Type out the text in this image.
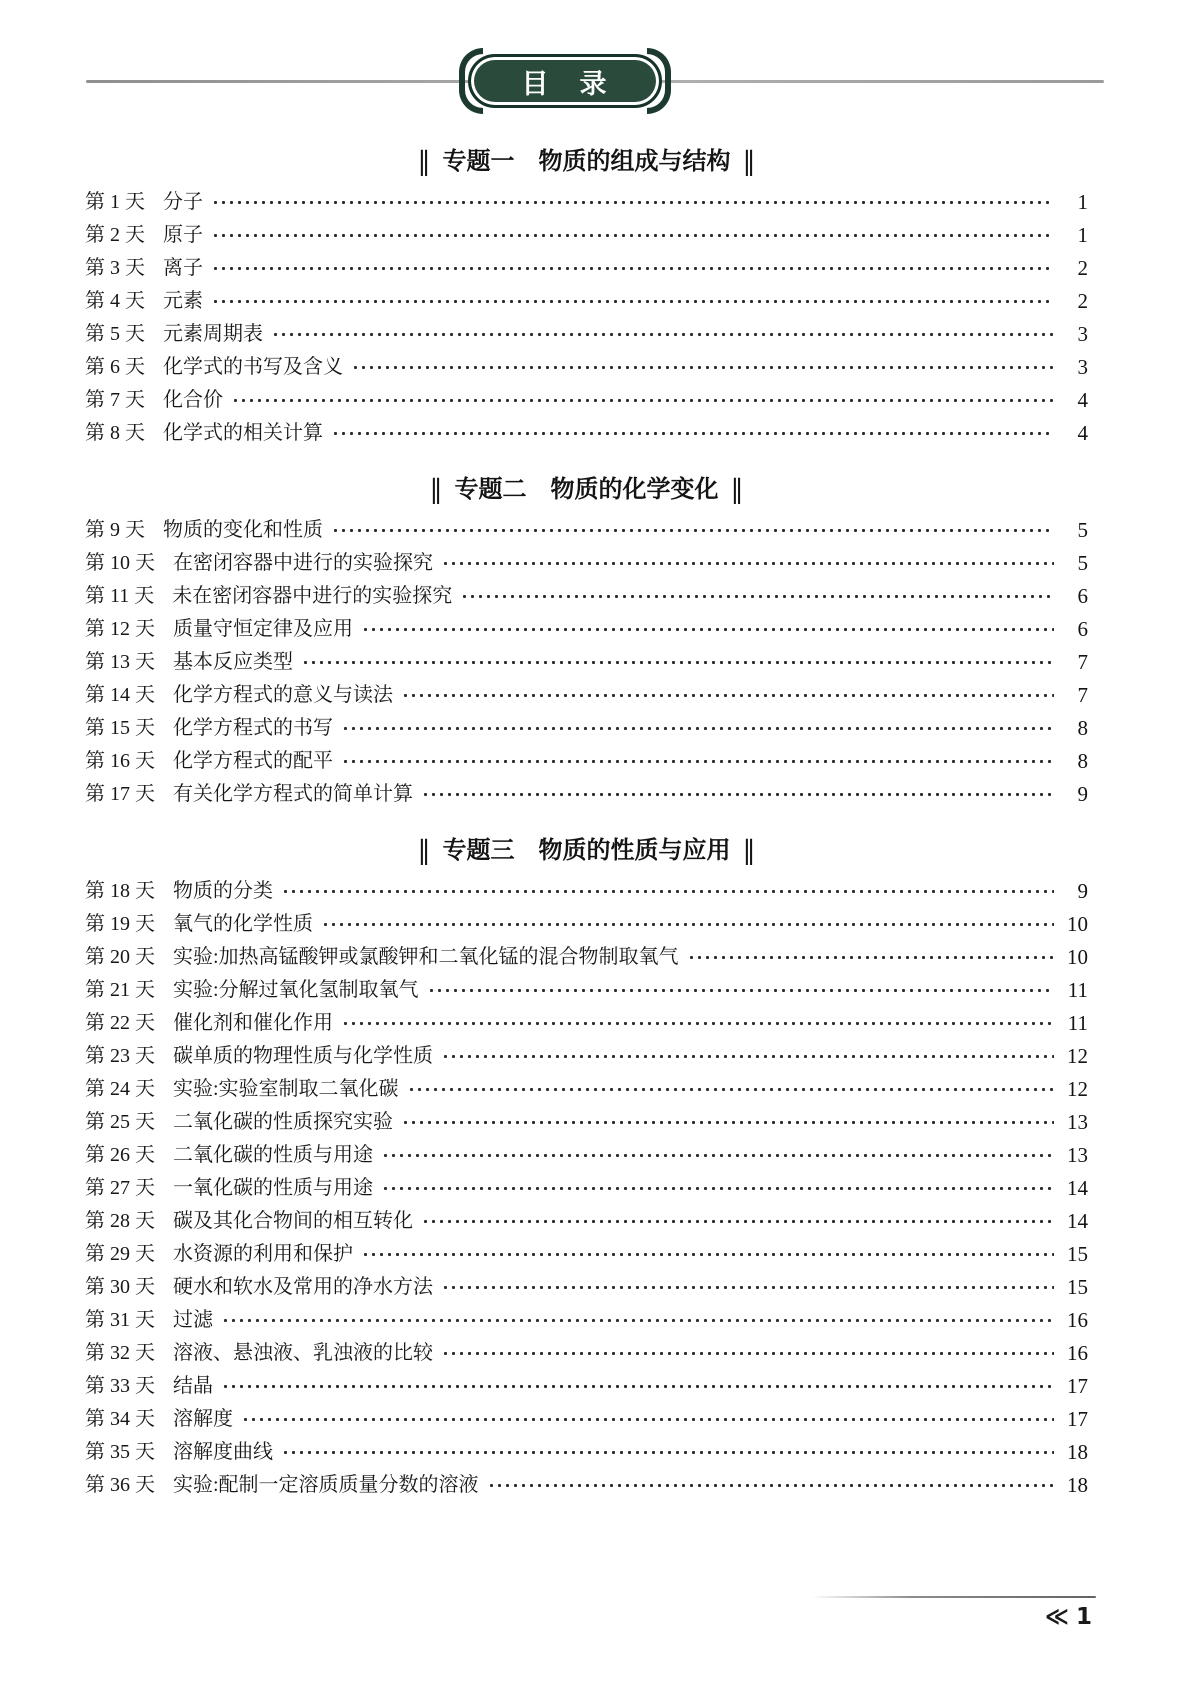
目　录
‖ 专题一　物质的组成与结构 ‖
第 1 天 分子	1
第 2 天 原子	1
第 3 天 离子	2
第 4 天 元素	2
第 5 天 元素周期表	3
第 6 天 化学式的书写及含义	3
第 7 天 化合价	4
第 8 天 化学式的相关计算	4
‖ 专题二　物质的化学变化 ‖
第 9 天 物质的变化和性质	5
第 10 天 在密闭容器中进行的实验探究	5
第 11 天 未在密闭容器中进行的实验探究	6
第 12 天 质量守恒定律及应用	6
第 13 天 基本反应类型	7
第 14 天 化学方程式的意义与读法	7
第 15 天 化学方程式的书写	8
第 16 天 化学方程式的配平	8
第 17 天 有关化学方程式的简单计算	9
‖ 专题三　物质的性质与应用 ‖
第 18 天 物质的分类	9
第 19 天 氧气的化学性质	10
第 20 天 实验:加热高锰酸钾或氯酸钾和二氧化锰的混合物制取氧气	10
第 21 天 实验:分解过氧化氢制取氧气	11
第 22 天 催化剂和催化作用	11
第 23 天 碳单质的物理性质与化学性质	12
第 24 天 实验:实验室制取二氧化碳	12
第 25 天 二氧化碳的性质探究实验	13
第 26 天 二氧化碳的性质与用途	13
第 27 天 一氧化碳的性质与用途	14
第 28 天 碳及其化合物间的相互转化	14
第 29 天 水资源的利用和保护	15
第 30 天 硬水和软水及常用的净水方法	15
第 31 天 过滤	16
第 32 天 溶液、悬浊液、乳浊液的比较	16
第 33 天 结晶	17
第 34 天 溶解度	17
第 35 天 溶解度曲线	18
第 36 天 实验:配制一定溶质质量分数的溶液	18
≪ 1
